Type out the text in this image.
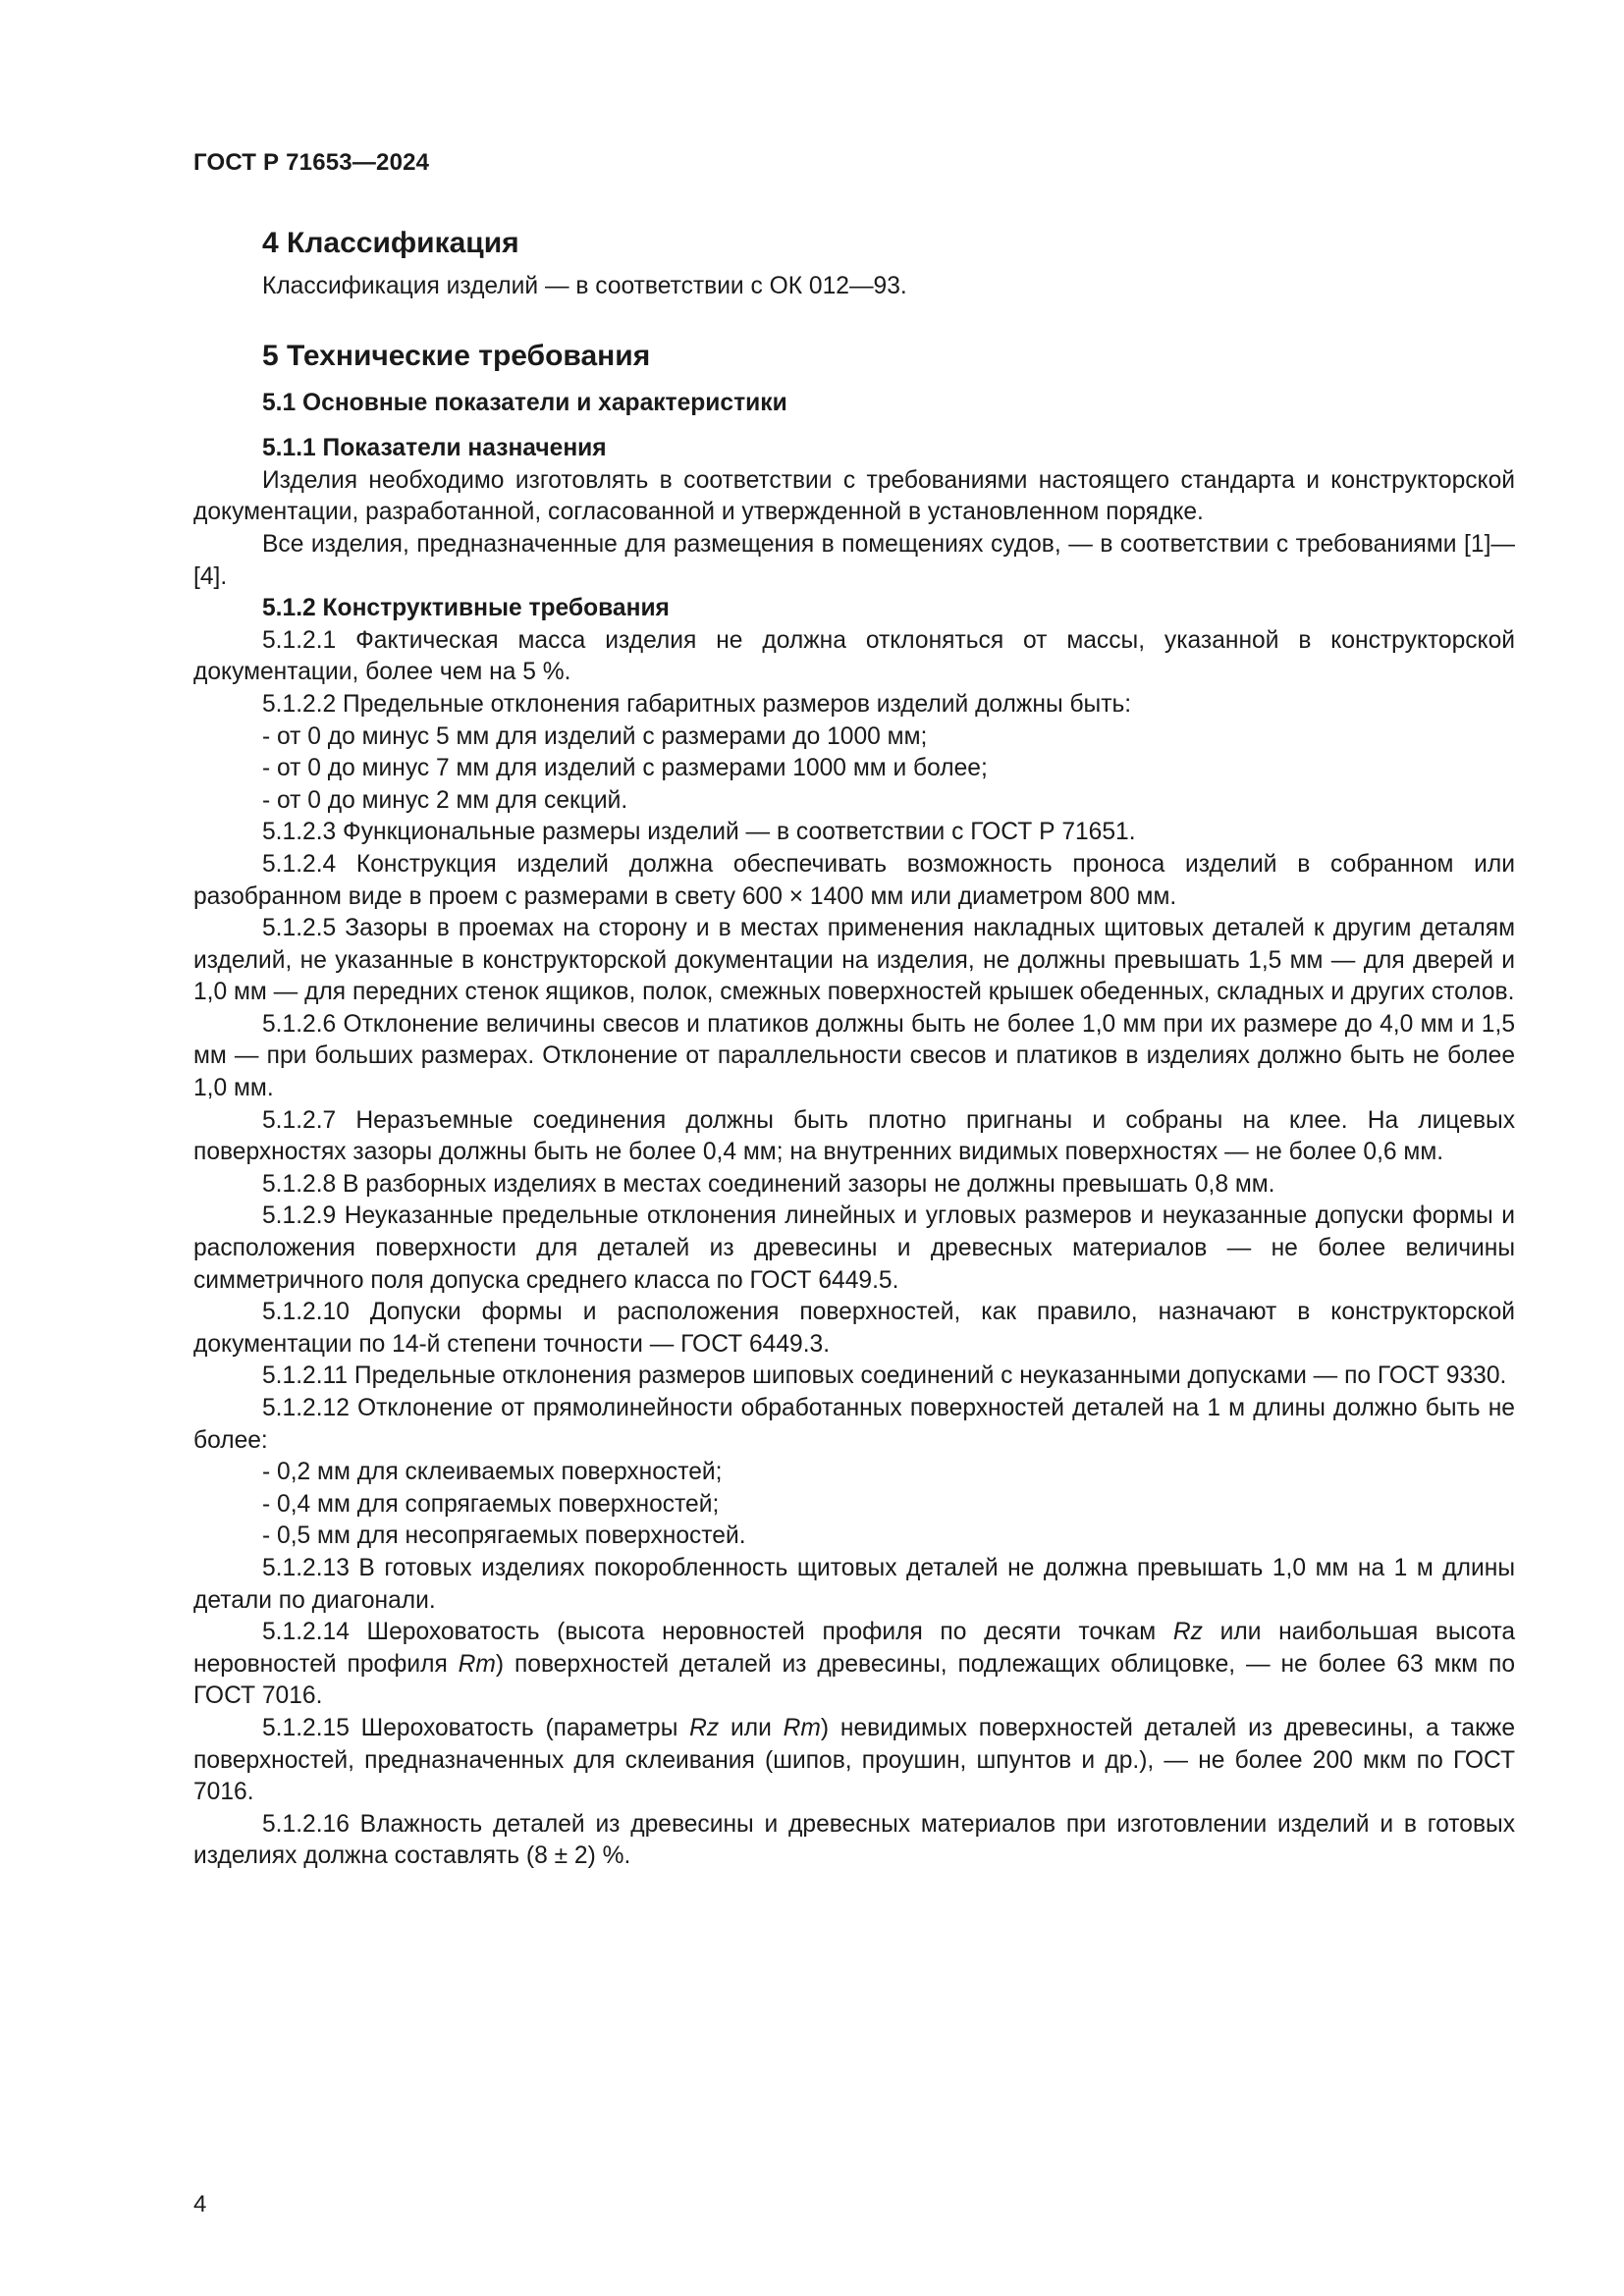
ГОСТ Р 71653—2024
4 Классификация

Классификация изделий — в соответствии с ОК 012—93.

5 Технические требования
5.1 Основные показатели и характеристики
5.1.1 Показатели назначения

Изделия необходимо изготовлять в соответствии с требованиями настоящего стандарта и конструкторской документации, разработанной, согласованной и утвержденной в установленном порядке.

Все изделия, предназначенные для размещения в помещениях судов, — в соответствии с требованиями [1]—[4].

5.1.2 Конструктивные требования

5.1.2.1 Фактическая масса изделия не должна отклоняться от массы, указанной в конструкторской документации, более чем на 5 %.

5.1.2.2 Предельные отклонения габаритных размеров изделий должны быть:

- от 0 до минус 5 мм для изделий с размерами до 1000 мм;

- от 0 до минус 7 мм для изделий с размерами 1000 мм и более;

- от 0 до минус 2 мм для секций.

5.1.2.3 Функциональные размеры изделий — в соответствии с ГОСТ Р 71651.

5.1.2.4 Конструкция изделий должна обеспечивать возможность проноса изделий в собранном или разобранном виде в проем с размерами в свету 600 × 1400 мм или диаметром 800 мм.

5.1.2.5 Зазоры в проемах на сторону и в местах применения накладных щитовых деталей к другим деталям изделий, не указанные в конструкторской документации на изделия, не должны превышать 1,5 мм — для дверей и 1,0 мм — для передних стенок ящиков, полок, смежных поверхностей крышек обеденных, складных и других столов.

5.1.2.6 Отклонение величины свесов и платиков должны быть не более 1,0 мм при их размере до 4,0 мм и 1,5 мм — при больших размерах. Отклонение от параллельности свесов и платиков в изделиях должно быть не более 1,0 мм.

5.1.2.7 Неразъемные соединения должны быть плотно пригнаны и собраны на клее. На лицевых поверхностях зазоры должны быть не более 0,4 мм; на внутренних видимых поверхностях — не более 0,6 мм.

5.1.2.8 В разборных изделиях в местах соединений зазоры не должны превышать 0,8 мм.

5.1.2.9 Неуказанные предельные отклонения линейных и угловых размеров и неуказанные допуски формы и расположения поверхности для деталей из древесины и древесных материалов — не более величины симметричного поля допуска среднего класса по ГОСТ 6449.5.

5.1.2.10 Допуски формы и расположения поверхностей, как правило, назначают в конструкторской документации по 14-й степени точности — ГОСТ 6449.3.

5.1.2.11 Предельные отклонения размеров шиповых соединений с неуказанными допусками — по ГОСТ 9330.

5.1.2.12 Отклонение от прямолинейности обработанных поверхностей деталей на 1 м длины должно быть не более:

- 0,2 мм для склеиваемых поверхностей;

- 0,4 мм для сопрягаемых поверхностей;

- 0,5 мм для несопрягаемых поверхностей.

5.1.2.13 В готовых изделиях покоробленность щитовых деталей не должна превышать 1,0 мм на 1 м длины детали по диагонали.

5.1.2.14 Шероховатость (высота неровностей профиля по десяти точкам Rz или наибольшая высота неровностей профиля Rm) поверхностей деталей из древесины, подлежащих облицовке, — не более 63 мкм по ГОСТ 7016.

5.1.2.15 Шероховатость (параметры Rz или Rm) невидимых поверхностей деталей из древесины, а также поверхностей, предназначенных для склеивания (шипов, проушин, шпунтов и др.), — не более 200 мкм по ГОСТ 7016.

5.1.2.16 Влажность деталей из древесины и древесных материалов при изготовлении изделий и в готовых изделиях должна составлять (8 ± 2) %.

4
